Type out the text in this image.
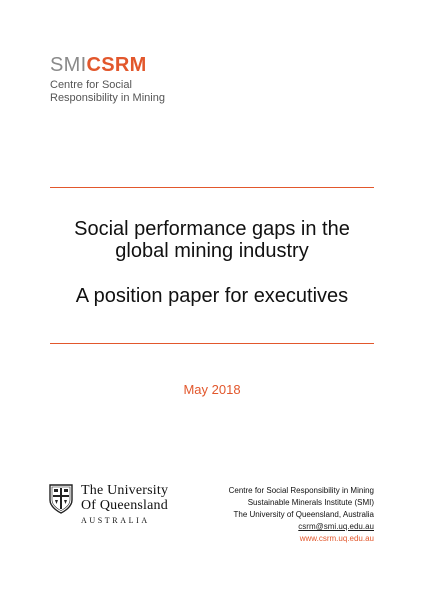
SMICSRM
Centre for Social
Responsibility in Mining
Social performance gaps in the
global mining industry
A position paper for executives
May 2018
The University
Of Queensland
AUSTRALIA
Centre for Social Responsibility in Mining
Sustainable Minerals Institute (SMI)
The University of Queensland, Australia
csrm@smi.uq.edu.au
www.csrm.uq.edu.au
